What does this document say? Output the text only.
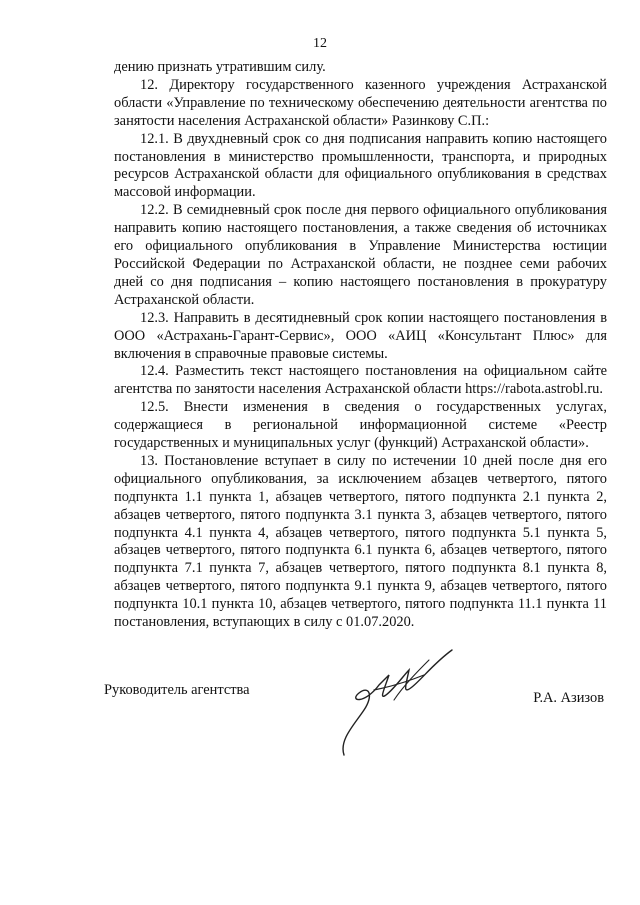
12

дению признать утратившим силу.

12. Директору государственного казенного учреждения Астраханской области «Управление по техническому обеспечению деятельности агентства по занятости населения Астраханской области» Разинкову С.П.:

12.1. В двухдневный срок со дня подписания направить копию настоящего постановления в министерство промышленности, транспорта, и природных ресурсов Астраханской области для официального опубликования в средствах массовой информации.

12.2. В семидневный срок после дня первого официального опубликования направить копию настоящего постановления, а также сведения об источниках его официального опубликования в Управление Министерства юстиции Российской Федерации по Астраханской области, не позднее семи рабочих дней со дня подписания – копию настоящего постановления в прокуратуру Астраханской области.

12.3. Направить в десятидневный срок копии настоящего постановления в ООО «Астрахань-Гарант-Сервис», ООО «АИЦ «Консультант Плюс» для включения в справочные правовые системы.

12.4. Разместить текст настоящего постановления на официальном сайте агентства по занятости населения Астраханской области https://rabota.astrobl.ru.

12.5. Внести изменения в сведения о государственных услугах, содержащиеся в региональной информационной системе «Реестр государственных и муниципальных услуг (функций) Астраханской области».

13. Постановление вступает в силу по истечении 10 дней после дня его официального опубликования, за исключением абзацев четвертого, пятого подпункта 1.1 пункта 1, абзацев четвертого, пятого подпункта 2.1 пункта 2, абзацев четвертого, пятого подпункта 3.1 пункта 3, абзацев четвертого, пятого подпункта 4.1 пункта 4, абзацев четвертого, пятого подпункта 5.1 пункта 5, абзацев четвертого, пятого подпункта 6.1 пункта 6, абзацев четвертого, пятого подпункта 7.1 пункта 7, абзацев четвертого, пятого подпункта 8.1 пункта 8, абзацев четвертого, пятого подпункта 9.1 пункта 9, абзацев четвертого, пятого подпункта 10.1 пункта 10, абзацев четвертого, пятого подпункта 11.1 пункта 11 постановления, вступающих в силу с 01.07.2020.

Руководитель агентства	Р.А. Азизов
